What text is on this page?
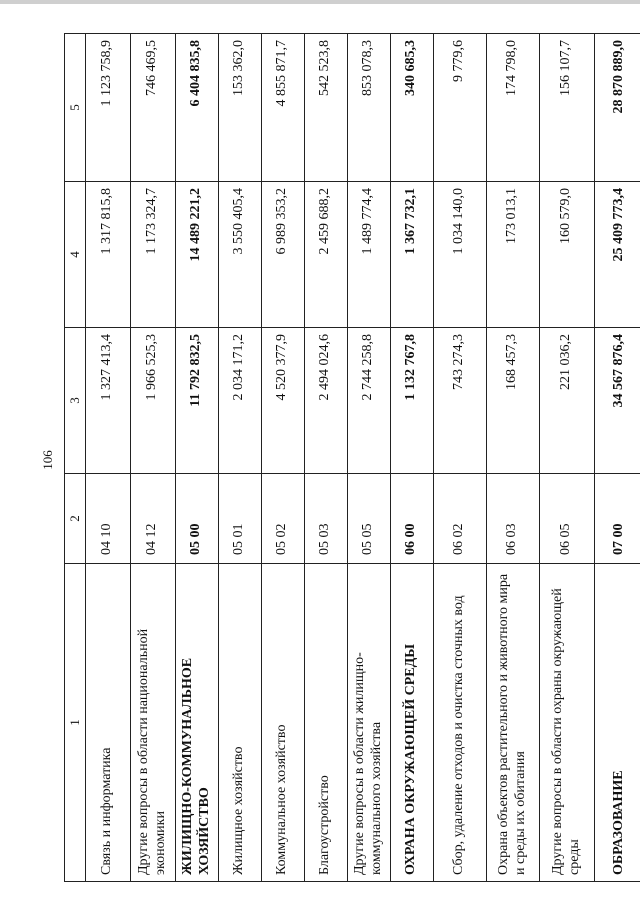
106
1	2	3	4	5
Связь и информатика	04 10	1 327 413,4	1 317 815,8	1 123 758,9
Другие вопросы в области национальной экономики	04 12	1 966 525,3	1 173 324,7	746 469,5
ЖИЛИЩНО-КОММУНАЛЬНОЕ ХОЗЯЙСТВО	05 00	11 792 832,5	14 489 221,2	6 404 835,8
Жилищное хозяйство	05 01	2 034 171,2	3 550 405,4	153 362,0
Коммунальное хозяйство	05 02	4 520 377,9	6 989 353,2	4 855 871,7
Благоустройство	05 03	2 494 024,6	2 459 688,2	542 523,8
Другие вопросы в области жилищно-коммунального хозяйства	05 05	2 744 258,8	1 489 774,4	853 078,3
ОХРАНА ОКРУЖАЮЩЕЙ СРЕДЫ	06 00	1 132 767,8	1 367 732,1	340 685,3
Сбор, удаление отходов и очистка сточных вод	06 02	743 274,3	1 034 140,0	9 779,6
Охрана объектов растительного и животного мира и среды их обитания	06 03	168 457,3	173 013,1	174 798,0
Другие вопросы в области охраны окружающей среды	06 05	221 036,2	160 579,0	156 107,7
ОБРАЗОВАНИЕ	07 00	34 567 876,4	25 409 773,4	28 870 889,0
